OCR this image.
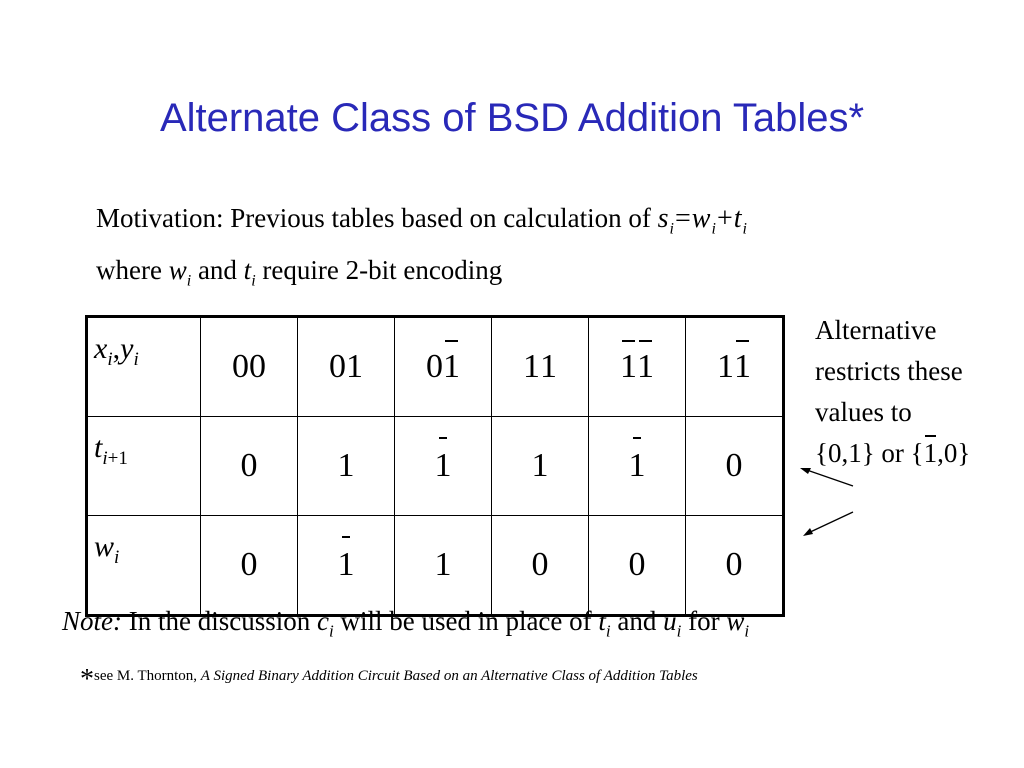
Alternate Class of BSD Addition Tables*
Motivation: Previous tables based on calculation of $s_i=w_i+t_i$
where $w_i$ and $t_i$ require 2-bit encoding
$x_i,y_i$	00	01	01	11	11	11
$t_{i+1}$	0	1	1	1	1	0
$w_i$	0	1	1	0	0	0
Alternative
restricts these
values to
{0,1} or {1,0}
Note: In the discussion $c_i$ will be used in place of $t_i$ and $u_i$ for $w_i$
*see M. Thornton, A Signed Binary Addition Circuit Based on an Alternative Class of Addition Tables
